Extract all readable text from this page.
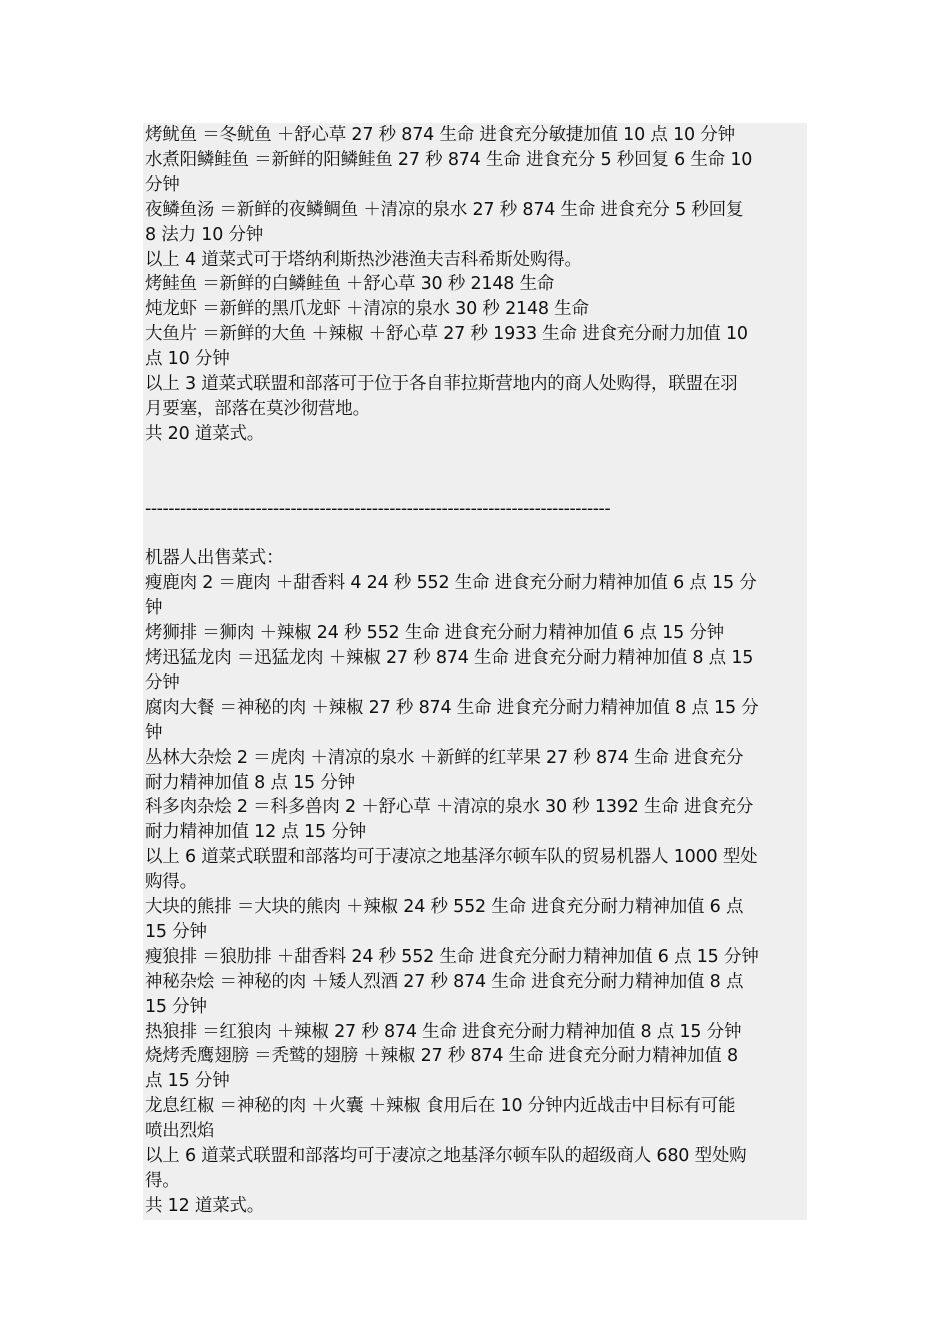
烤鱿鱼 ＝冬鱿鱼 ＋舒心草 27 秒 874 生命 进食充分敏捷加值 10 点 10 分钟
水煮阳鳞鲑鱼 ＝新鲜的阳鳞鲑鱼 27 秒 874 生命 进食充分 5 秒回复 6 生命 10
分钟
夜鳞鱼汤 ＝新鲜的夜鳞鲷鱼 ＋清凉的泉水 27 秒 874 生命 进食充分 5 秒回复
8 法力 10 分钟
以上 4 道菜式可于塔纳利斯热沙港渔夫吉科希斯处购得。
烤鲑鱼 ＝新鲜的白鳞鲑鱼 ＋舒心草 30 秒 2148 生命
炖龙虾 ＝新鲜的黑爪龙虾 ＋清凉的泉水 30 秒 2148 生命
大鱼片 ＝新鲜的大鱼 ＋辣椒 ＋舒心草 27 秒 1933 生命 进食充分耐力加值 10
点 10 分钟
以上 3 道菜式联盟和部落可于位于各自菲拉斯营地内的商人处购得，联盟在羽
月要塞，部落在莫沙彻营地。
共 20 道菜式。
--------------------------------------------------------------------------------
机器人出售菜式：
瘦鹿肉 2 ＝鹿肉 ＋甜香料 4 24 秒 552 生命 进食充分耐力精神加值 6 点 15 分
钟
烤狮排 ＝狮肉 ＋辣椒 24 秒 552 生命 进食充分耐力精神加值 6 点 15 分钟
烤迅猛龙肉 ＝迅猛龙肉 ＋辣椒 27 秒 874 生命 进食充分耐力精神加值 8 点 15
分钟
腐肉大餐 ＝神秘的肉 ＋辣椒 27 秒 874 生命 进食充分耐力精神加值 8 点 15 分
钟
丛林大杂烩 2 ＝虎肉 ＋清凉的泉水 ＋新鲜的红苹果 27 秒 874 生命 进食充分
耐力精神加值 8 点 15 分钟
科多肉杂烩 2 ＝科多兽肉 2 ＋舒心草 ＋清凉的泉水 30 秒 1392 生命 进食充分
耐力精神加值 12 点 15 分钟
以上 6 道菜式联盟和部落均可于凄凉之地基泽尔顿车队的贸易机器人 1000 型处
购得。
大块的熊排 ＝大块的熊肉 ＋辣椒 24 秒 552 生命 进食充分耐力精神加值 6 点
15 分钟
瘦狼排 ＝狼肋排 ＋甜香料 24 秒 552 生命 进食充分耐力精神加值 6 点 15 分钟
神秘杂烩 ＝神秘的肉 ＋矮人烈酒 27 秒 874 生命 进食充分耐力精神加值 8 点
15 分钟
热狼排 ＝红狼肉 ＋辣椒 27 秒 874 生命 进食充分耐力精神加值 8 点 15 分钟
烧烤秃鹰翅膀 ＝秃鹫的翅膀 ＋辣椒 27 秒 874 生命 进食充分耐力精神加值 8
点 15 分钟
龙息红椒 ＝神秘的肉 ＋火囊 ＋辣椒 食用后在 10 分钟内近战击中目标有可能
喷出烈焰
以上 6 道菜式联盟和部落均可于凄凉之地基泽尔顿车队的超级商人 680 型处购
得。
共 12 道菜式。
